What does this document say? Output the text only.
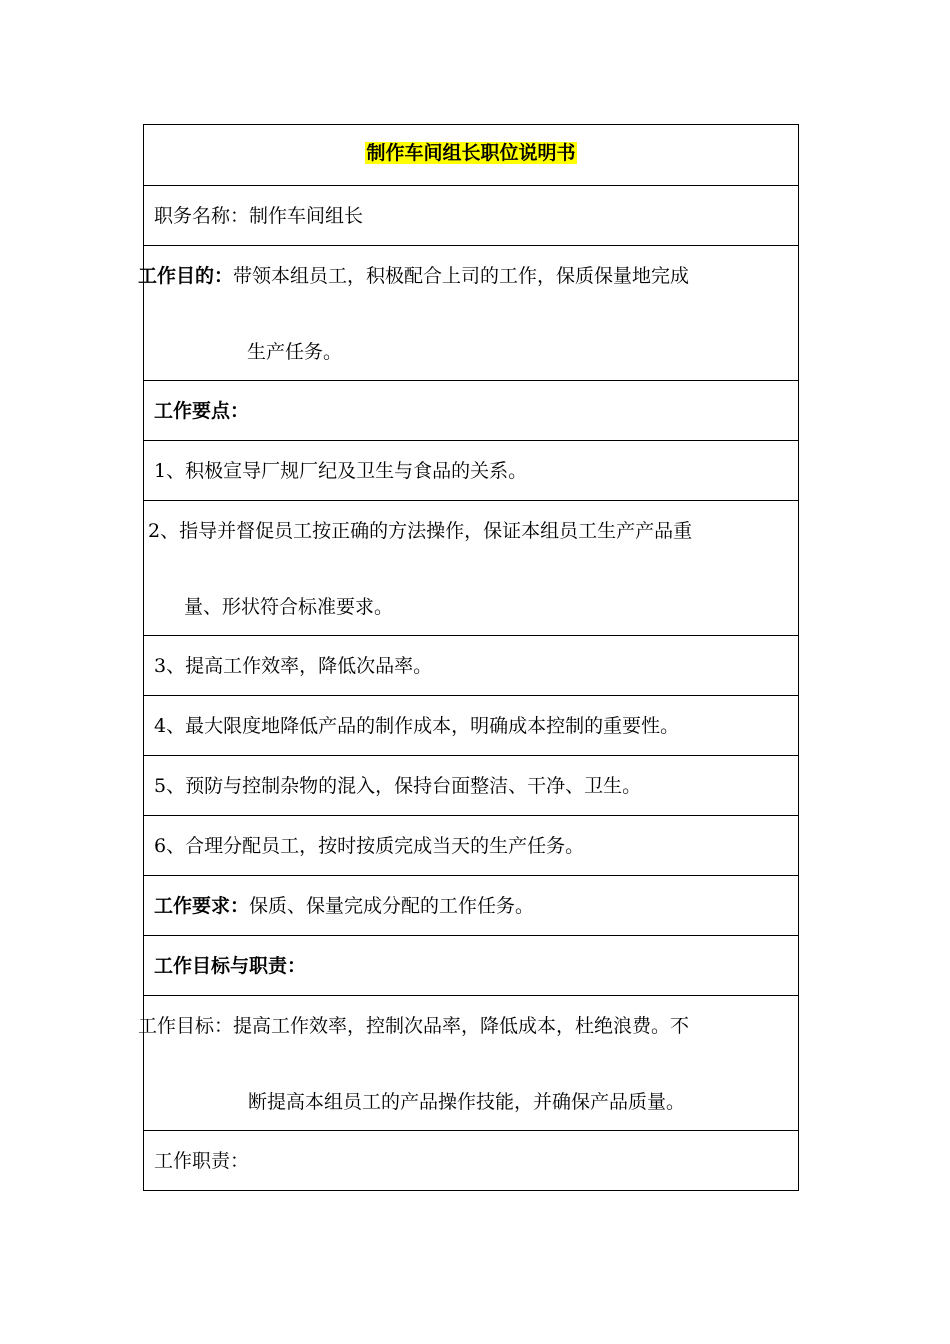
制作车间组长职位说明书
职务名称：制作车间组长
工作目的：带领本组员工，积极配合上司的工作，保质保量地完成
生产任务。
工作要点：
1、积极宣导厂规厂纪及卫生与食品的关系。
2、指导并督促员工按正确的方法操作，保证本组员工生产产品重
量、形状符合标准要求。
3、提高工作效率，降低次品率。
4、最大限度地降低产品的制作成本，明确成本控制的重要性。
5、预防与控制杂物的混入，保持台面整洁、干净、卫生。
6、合理分配员工，按时按质完成当天的生产任务。
工作要求：保质、保量完成分配的工作任务。
工作目标与职责：
工作目标：提高工作效率，控制次品率，降低成本，杜绝浪费。不
断提高本组员工的产品操作技能，并确保产品质量。
工作职责：
